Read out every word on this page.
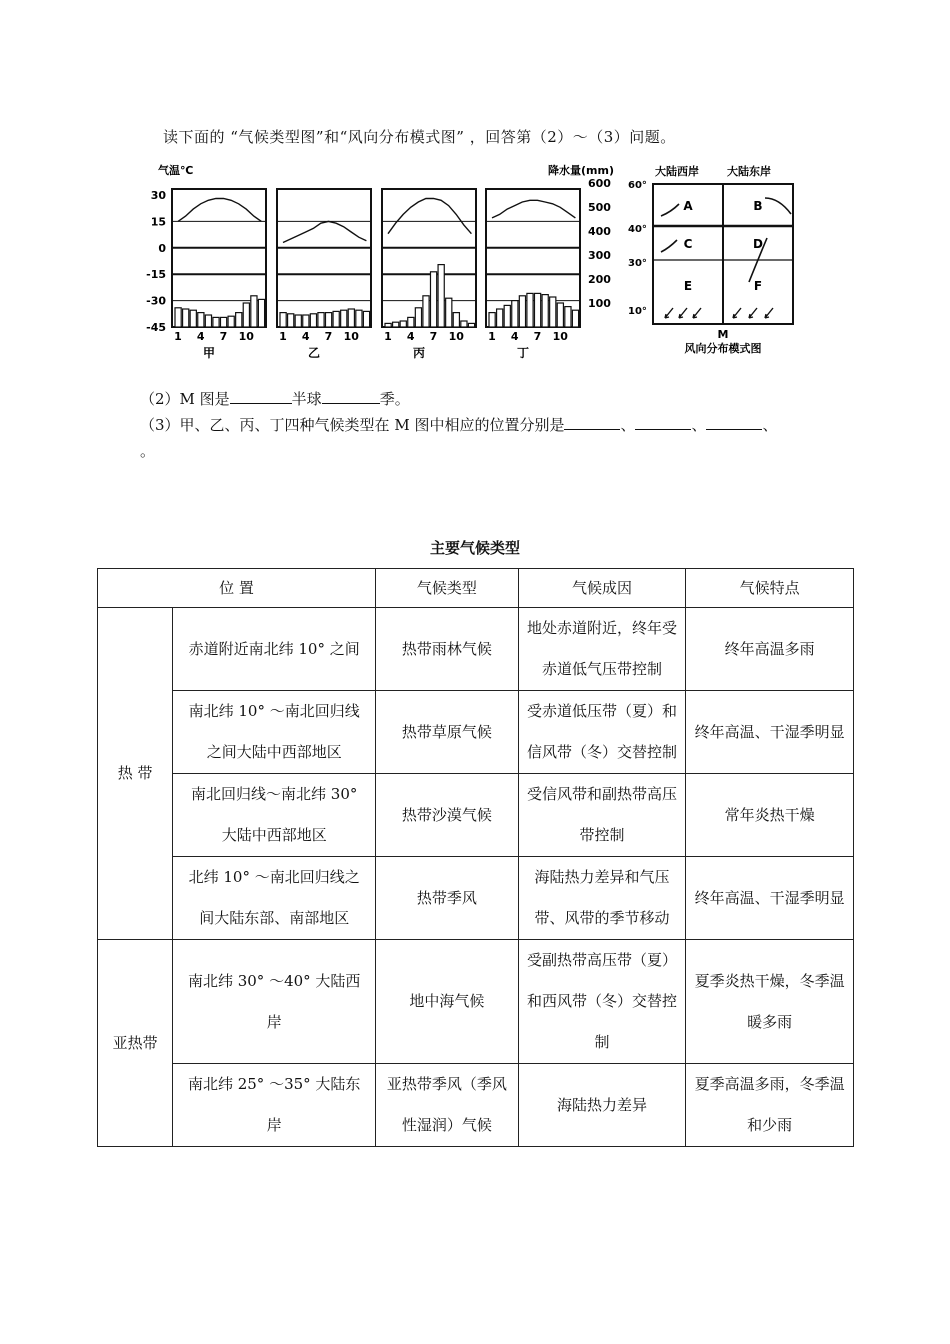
读下面的 “气候类型图”和“风向分布模式图” ，回答第（2）～（3）问题。
气温℃	降水量(mm)
30
15
0
-15
-30
-45
600
500
400
300
200
100
1 4 7 10
甲
1 4 7 10
乙
1 4 7 10
丙
1 4 7 10
丁
大陆西岸	大陆东岸
60°
40°
30°
10°
A	B
C	D
E	F
M
风向分布模式图
（2）M 图是	半球	季。
（3）甲、乙、丙、丁四种气候类型在 M 图中相应的位置分别是	、	、	、
。
主要气候类型
位 置		气候类型	气候成因	气候特点
热 带	赤道附近南北纬 10° 之间	热带雨林气候	地处赤道附近，终年受赤道低气压带控制	终年高温多雨
	南北纬 10° ～南北回归线之间大陆中西部地区	热带草原气候	受赤道低压带（夏）和信风带（冬）交替控制	终年高温、干湿季明显
	南北回归线～南北纬 30° 大陆中西部地区	热带沙漠气候	受信风带和副热带高压带控制	常年炎热干燥
	北纬 10° ～南北回归线之间大陆东部、南部地区	热带季风	海陆热力差异和气压带、风带的季节移动	终年高温、干湿季明显
亚热带	南北纬 30° ～40° 大陆西岸	地中海气候	受副热带高压带（夏）和西风带（冬）交替控制	夏季炎热干燥，冬季温暖多雨
	南北纬 25° ～35° 大陆东岸	亚热带季风（季风性湿润）气候	海陆热力差异	夏季高温多雨，冬季温和少雨
